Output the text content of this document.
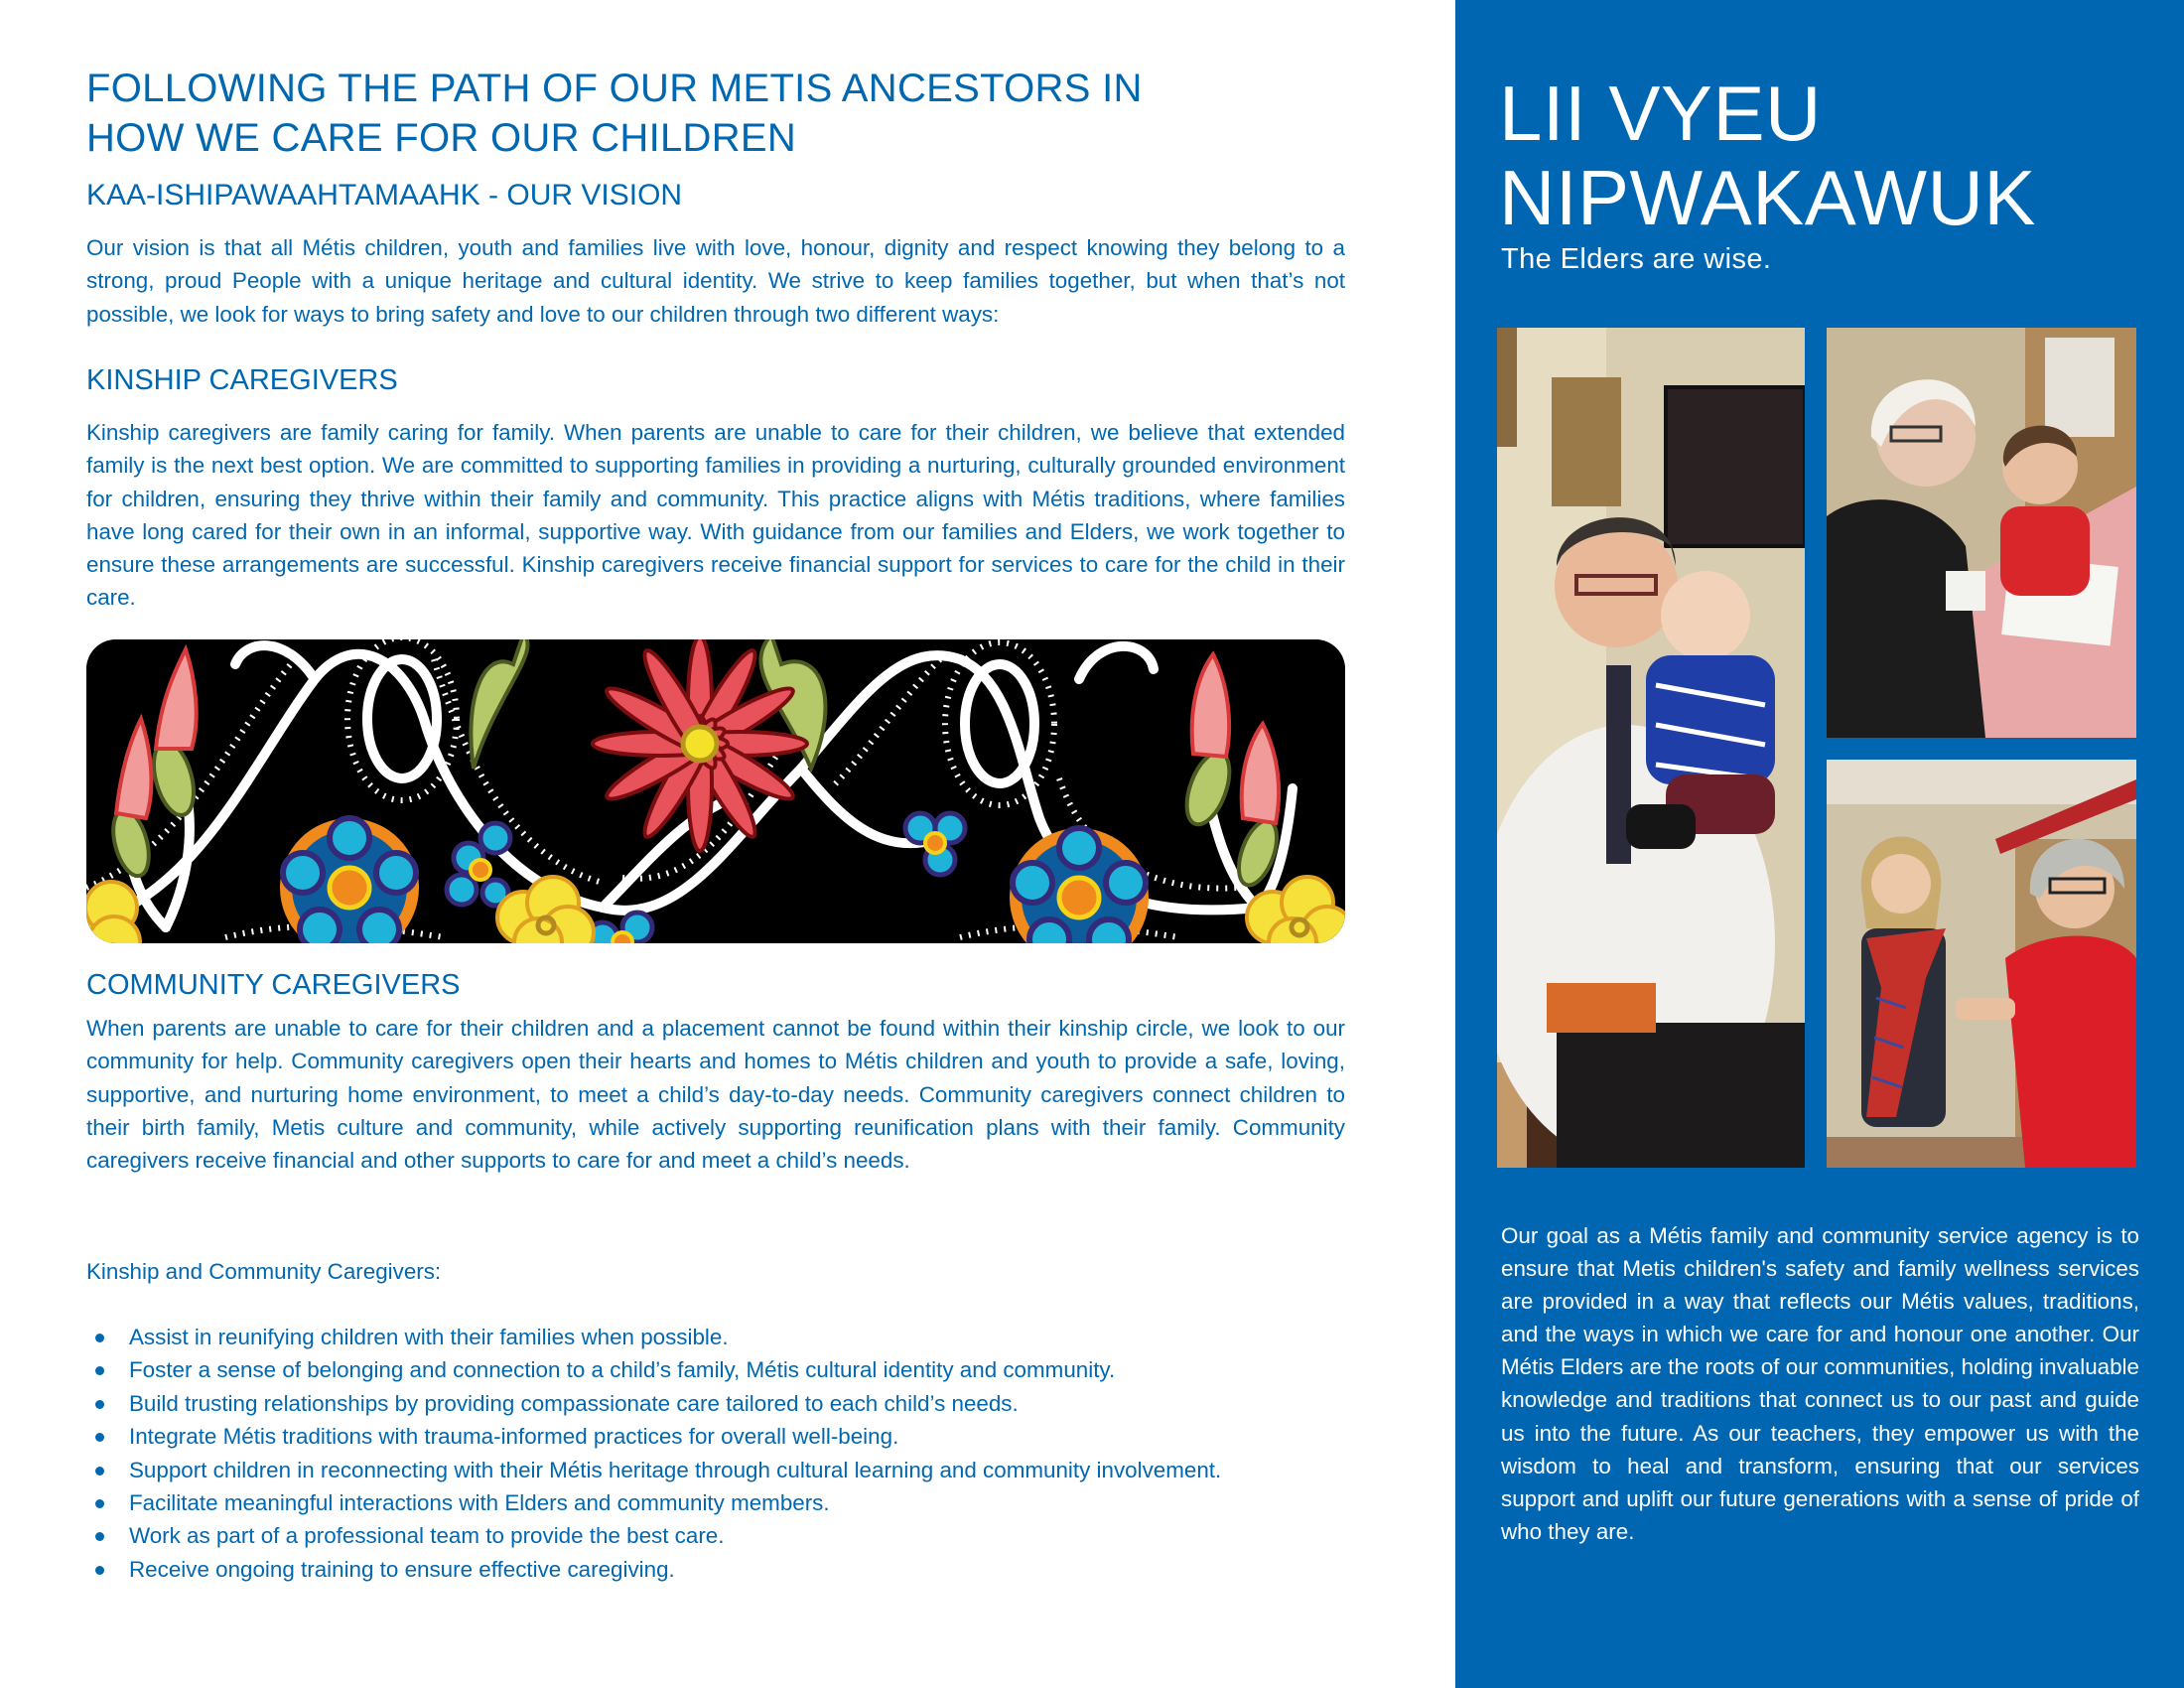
FOLLOWING THE PATH OF OUR METIS ANCESTORS IN
HOW WE CARE FOR OUR CHILDREN
KAA-ISHIPAWAAHTAMAAHK - OUR VISION

Our vision is that all Métis children, youth and families live with love, honour, dignity and respect knowing they belong to a strong, proud People with a unique heritage and cultural identity. We strive to keep families together, but when that’s not possible, we look for ways to bring safety and love to our children through two different ways:

KINSHIP CAREGIVERS

Kinship caregivers are family caring for family. When parents are unable to care for their children, we believe that extended family is the next best option. We are committed to supporting families in providing a nurturing, culturally grounded environment for children, ensuring they thrive within their family and community. This practice aligns with Métis traditions, where families have long cared for their own in an informal, supportive way. With guidance from our families and Elders, we work together to ensure these arrangements are successful. Kinship caregivers receive financial support for services to care for the child in their care.

COMMUNITY CAREGIVERS

When parents are unable to care for their children and a placement cannot be found within their kinship circle, we look to our community for help. Community caregivers open their hearts and homes to Métis children and youth to provide a safe, loving, supportive, and nurturing home environment, to meet a child’s day-to-day needs. Community caregivers connect children to their birth family, Metis culture and community, while actively supporting reunification plans with their family. Community caregivers receive financial and other supports to care for and meet a child’s needs.

Kinship and Community Caregivers:

Assist in reunifying children with their families when possible.
Foster a sense of belonging and connection to a child’s family, Métis cultural identity and community.
Build trusting relationships by providing compassionate care tailored to each child’s needs.
Integrate Métis traditions with trauma-informed practices for overall well-being.
Support children in reconnecting with their Métis heritage through cultural learning and community involvement.
Facilitate meaningful interactions with Elders and community members.
Work as part of a professional team to provide the best care.
Receive ongoing training to ensure effective caregiving.
LII VYEU
NIPWAKAWUK

The Elders are wise.

Our goal as a Métis family and community service agency is to ensure that Metis children's safety and family wellness services are provided in a way that reflects our Métis values, traditions, and the ways in which we care for and honour one another. Our Métis Elders are the roots of our communities, holding invaluable knowledge and traditions that connect us to our past and guide us into the future. As our teachers, they empower us with the wisdom to heal and transform, ensuring that our services support and uplift our future generations with a sense of pride of who they are.
